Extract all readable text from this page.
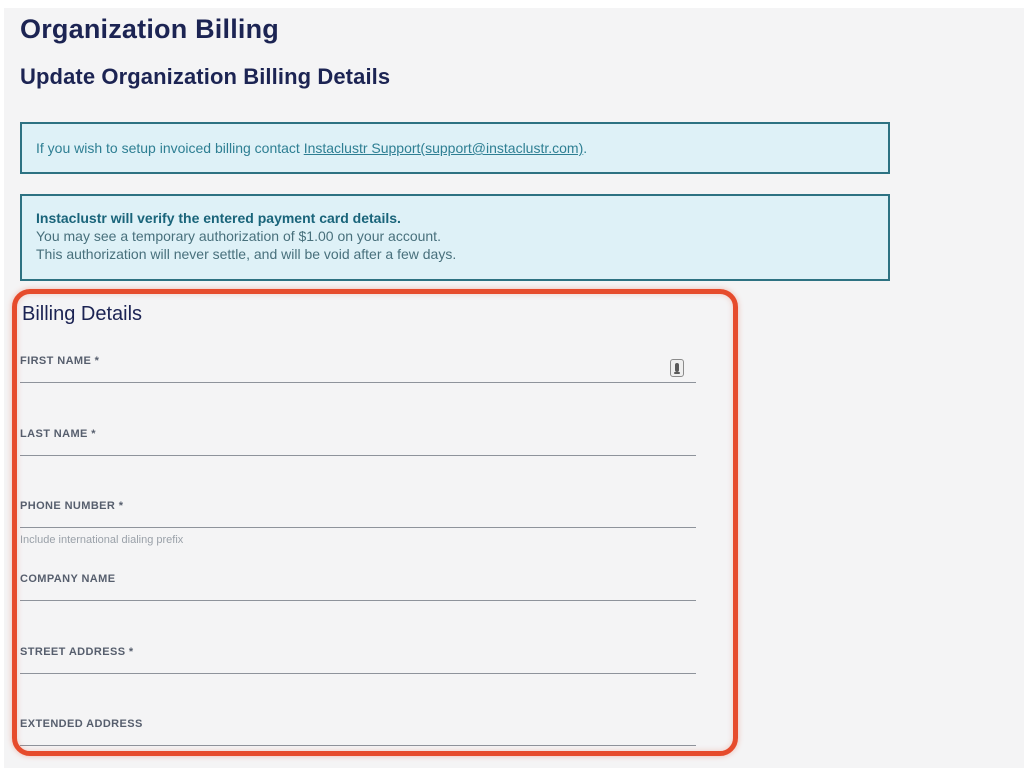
Organization Billing
Update Organization Billing Details
If you wish to setup invoiced billing contact Instaclustr Support(support@instaclustr.com).
Instaclustr will verify the entered payment card details.
You may see a temporary authorization of $1.00 on your account.
This authorization will never settle, and will be void after a few days.
Billing Details
FIRST NAME *
LAST NAME *
PHONE NUMBER *
Include international dialing prefix
COMPANY NAME
STREET ADDRESS *
EXTENDED ADDRESS
